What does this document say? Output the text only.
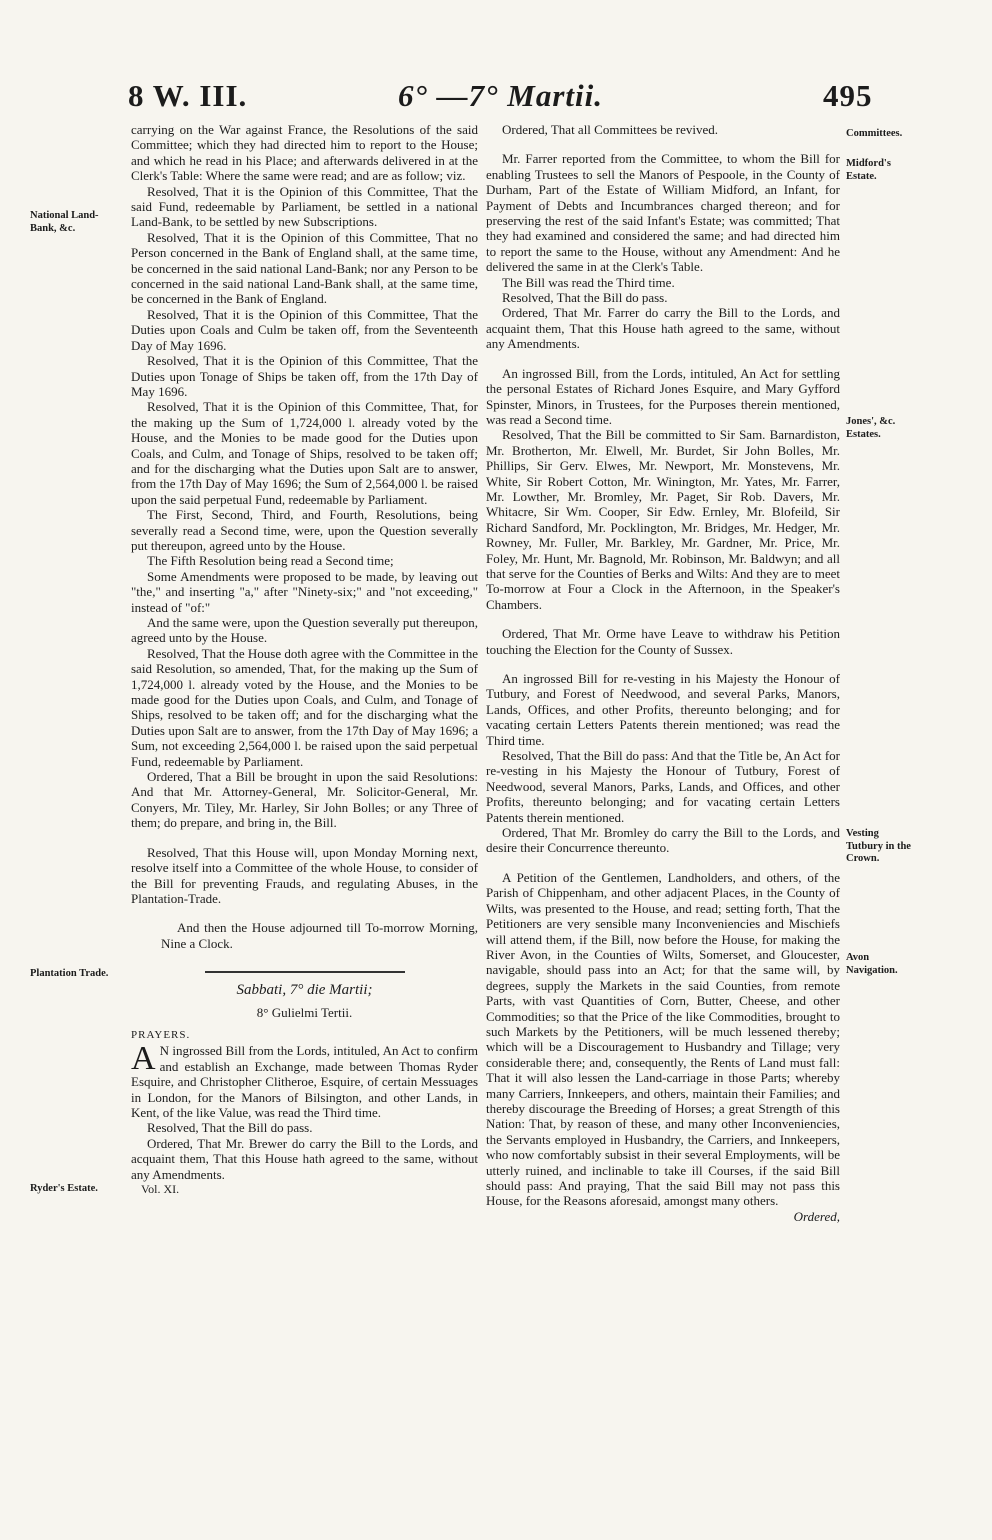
8 W. III.	6° —7° Martii.	495
National Land-Bank, &c.
Plantation Trade.
Ryder's Estate.
Committees.
Midford's Estate.
Jones', &c. Estates.
Vesting Tutbury in the Crown.
Avon Navigation.

carrying on the War against France, the Resolutions of the said Committee; which they had directed him to report to the House; and which he read in his Place; and afterwards delivered in at the Clerk's Table: Where the same were read; and are as follow; viz.

Resolved, That it is the Opinion of this Committee, That the said Fund, redeemable by Parliament, be settled in a national Land-Bank, to be settled by new Subscriptions.

Resolved, That it is the Opinion of this Committee, That no Person concerned in the Bank of England shall, at the same time, be concerned in the said national Land-Bank; nor any Person to be concerned in the said national Land-Bank shall, at the same time, be concerned in the Bank of England.

Resolved, That it is the Opinion of this Committee, That the Duties upon Coals and Culm be taken off, from the Seventeenth Day of May 1696.

Resolved, That it is the Opinion of this Committee, That the Duties upon Tonage of Ships be taken off, from the 17th Day of May 1696.

Resolved, That it is the Opinion of this Committee, That, for the making up the Sum of 1,724,000 l. already voted by the House, and the Monies to be made good for the Duties upon Coals, and Culm, and Tonage of Ships, resolved to be taken off; and for the discharging what the Duties upon Salt are to answer, from the 17th Day of May 1696; the Sum of 2,564,000 l. be raised upon the said perpetual Fund, redeemable by Parliament.

The First, Second, Third, and Fourth, Resolutions, being severally read a Second time, were, upon the Question severally put thereupon, agreed unto by the House.

The Fifth Resolution being read a Second time;

Some Amendments were proposed to be made, by leaving out "the," and inserting "a," after "Ninety-six;" and "not exceeding," instead of "of:"

And the same were, upon the Question severally put thereupon, agreed unto by the House.

Resolved, That the House doth agree with the Committee in the said Resolution, so amended, That, for the making up the Sum of 1,724,000 l. already voted by the House, and the Monies to be made good for the Duties upon Coals, and Culm, and Tonage of Ships, resolved to be taken off; and for the discharging what the Duties upon Salt are to answer, from the 17th Day of May 1696; a Sum, not exceeding 2,564,000 l. be raised upon the said perpetual Fund, redeemable by Parliament.

Ordered, That a Bill be brought in upon the said Resolutions: And that Mr. Attorney-General, Mr. Solicitor-General, Mr. Conyers, Mr. Tiley, Mr. Harley, Sir John Bolles; or any Three of them; do prepare, and bring in, the Bill.

Resolved, That this House will, upon Monday Morning next, resolve itself into a Committee of the whole House, to consider of the Bill for preventing Frauds, and regulating Abuses, in the Plantation-Trade.

And then the House adjourned till To-morrow Morning, Nine a Clock.

Sabbati, 7° die Martii;

8° Gulielmi Tertii.

PRAYERS.

A N ingrossed Bill from the Lords, intituled, An Act to confirm and establish an Exchange, made between Thomas Ryder Esquire, and Christopher Clitheroe, Esquire, of certain Messuages in London, for the Manors of Bilsington, and other Lands, in Kent, of the like Value, was read the Third time.

Resolved, That the Bill do pass.

Ordered, That Mr. Brewer do carry the Bill to the Lords, and acquaint them, That this House hath agreed to the same, without any Amendments.

Vol. XI.

Ordered, That all Committees be revived.

Mr. Farrer reported from the Committee, to whom the Bill for enabling Trustees to sell the Manors of Pespoole, in the County of Durham, Part of the Estate of William Midford, an Infant, for Payment of Debts and Incumbrances charged thereon; and for preserving the rest of the said Infant's Estate; was committed; That they had examined and considered the same; and had directed him to report the same to the House, without any Amendment: And he delivered the same in at the Clerk's Table.

The Bill was read the Third time.

Resolved, That the Bill do pass.

Ordered, That Mr. Farrer do carry the Bill to the Lords, and acquaint them, That this House hath agreed to the same, without any Amendments.

An ingrossed Bill, from the Lords, intituled, An Act for settling the personal Estates of Richard Jones Esquire, and Mary Gyfford Spinster, Minors, in Trustees, for the Purposes therein mentioned, was read a Second time.

Resolved, That the Bill be committed to Sir Sam. Barnardiston, Mr. Brotherton, Mr. Elwell, Mr. Burdet, Sir John Bolles, Mr. Phillips, Sir Gerv. Elwes, Mr. Newport, Mr. Monstevens, Mr. White, Sir Robert Cotton, Mr. Winington, Mr. Yates, Mr. Farrer, Mr. Lowther, Mr. Bromley, Mr. Paget, Sir Rob. Davers, Mr. Whitacre, Sir Wm. Cooper, Sir Edw. Ernley, Mr. Blofeild, Sir Richard Sandford, Mr. Pocklington, Mr. Bridges, Mr. Hedger, Mr. Rowney, Mr. Fuller, Mr. Barkley, Mr. Gardner, Mr. Price, Mr. Foley, Mr. Hunt, Mr. Bagnold, Mr. Robinson, Mr. Baldwyn; and all that serve for the Counties of Berks and Wilts: And they are to meet To-morrow at Four a Clock in the Afternoon, in the Speaker's Chambers.

Ordered, That Mr. Orme have Leave to withdraw his Petition touching the Election for the County of Sussex.

An ingrossed Bill for re-vesting in his Majesty the Honour of Tutbury, and Forest of Needwood, and several Parks, Manors, Lands, Offices, and other Profits, thereunto belonging; and for vacating certain Letters Patents therein mentioned; was read the Third time.

Resolved, That the Bill do pass: And that the Title be, An Act for re-vesting in his Majesty the Honour of Tutbury, Forest of Needwood, several Manors, Parks, Lands, and Offices, and other Profits, thereunto belonging; and for vacating certain Letters Patents therein mentioned.

Ordered, That Mr. Bromley do carry the Bill to the Lords, and desire their Concurrence thereunto.

A Petition of the Gentlemen, Landholders, and others, of the Parish of Chippenham, and other adjacent Places, in the County of Wilts, was presented to the House, and read; setting forth, That the Petitioners are very sensible many Inconveniencies and Mischiefs will attend them, if the Bill, now before the House, for making the River Avon, in the Counties of Wilts, Somerset, and Gloucester, navigable, should pass into an Act; for that the same will, by degrees, supply the Markets in the said Counties, from remote Parts, with vast Quantities of Corn, Butter, Cheese, and other Commodities; so that the Price of the like Commodities, brought to such Markets by the Petitioners, will be much lessened thereby; which will be a Discouragement to Husbandry and Tillage; very considerable there; and, consequently, the Rents of Land must fall: That it will also lessen the Land-carriage in those Parts; whereby many Carriers, Innkeepers, and others, maintain their Families; and thereby discourage the Breeding of Horses; a great Strength of this Nation: That, by reason of these, and many other Inconveniencies, the Servants employed in Husbandry, the Carriers, and Innkeepers, who now comfortably subsist in their several Employments, will be utterly ruined, and inclinable to take ill Courses, if the said Bill should pass: And praying, That the said Bill may not pass this House, for the Reasons aforesaid, amongst many others.

Ordered,
